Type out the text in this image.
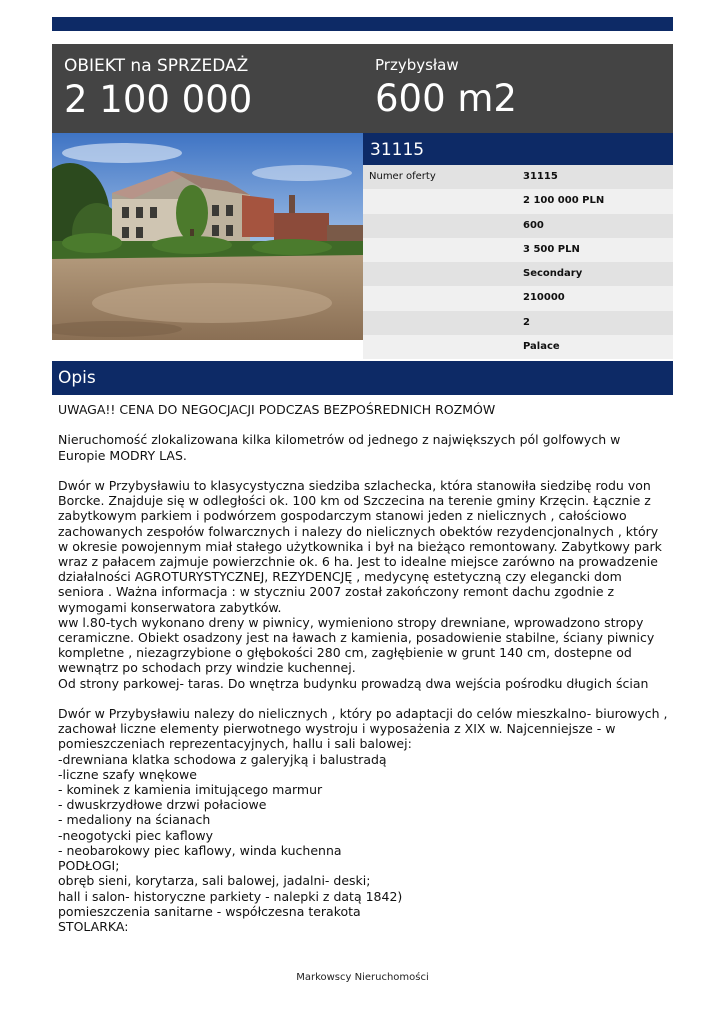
OBIEKT na SPRZEDAŻ
2 100 000
Przybysław
600 m2
31115
Numer oferty	31115
2 100 000 PLN
600
3 500 PLN
Secondary
210000
2
Palace
Opis

UWAGA!! CENA DO NEGOCJACJI PODCZAS BEZPOŚREDNICH ROZMÓW

Nieruchomość zlokalizowana kilka kilometrów od jednego z największych pól golfowych w Europie MODRY LAS.

Dwór w Przybysławiu to klasycystyczna siedziba szlachecka, która stanowiła siedzibę rodu von Borcke. Znajduje się w odległości ok. 100 km od Szczecina na terenie gminy Krzęcin. Łącznie z zabytkowym parkiem i podwórzem gospodarczym stanowi jeden z nielicznych , całościowo zachowanych zespołów folwarcznych i nalezy do nielicznych obektów rezydencjonalnych , który w okresie powojennym miał stałego użytkownika i był na bieżąco remontowany. Zabytkowy park wraz z pałacem zajmuje powierzchnie ok. 6 ha. Jest to idealne miejsce zarówno na prowadzenie działalności AGROTURYSTYCZNEJ, REZYDENCJĘ , medycynę estetyczną czy elegancki dom seniora . Ważna informacja : w styczniu 2007 został zakończony remont dachu zgodnie z wymogami konserwatora zabytków.
ww l.80-tych wykonano dreny w piwnicy, wymieniono stropy drewniane, wprowadzono stropy ceramiczne. Obiekt osadzony jest na ławach z kamienia, posadowienie stabilne, ściany piwnicy kompletne , niezagrzybione o głębokości 280 cm, zagłębienie w grunt 140 cm, dostepne od wewnątrz po schodach przy windzie kuchennej.
Od strony parkowej- taras. Do wnętrza budynku prowadzą dwa wejścia pośrodku długich ścian

Dwór w Przybysławiu nalezy do nielicznych , który po adaptacji do celów mieszkalno- biurowych , zachował liczne elementy pierwotnego wystroju i wyposażenia z XIX w. Najcenniejsze - w pomieszczeniach reprezentacyjnych, hallu i sali balowej:
-drewniana klatka schodowa z galeryjką i balustradą
-liczne szafy wnękowe
- kominek z kamienia imitującego marmur
- dwuskrzydłowe drzwi połaciowe
- medaliony na ścianach
-neogotycki piec kaflowy
- neobarokowy piec kaflowy, winda kuchenna
PODŁOGI;
obręb sieni, korytarza, sali balowej, jadalni- deski;
hall i salon- historyczne parkiety - nalepki z datą 1842)
pomieszczenia sanitarne - współczesna terakota
STOLARKA:

Markowscy Nieruchomości
